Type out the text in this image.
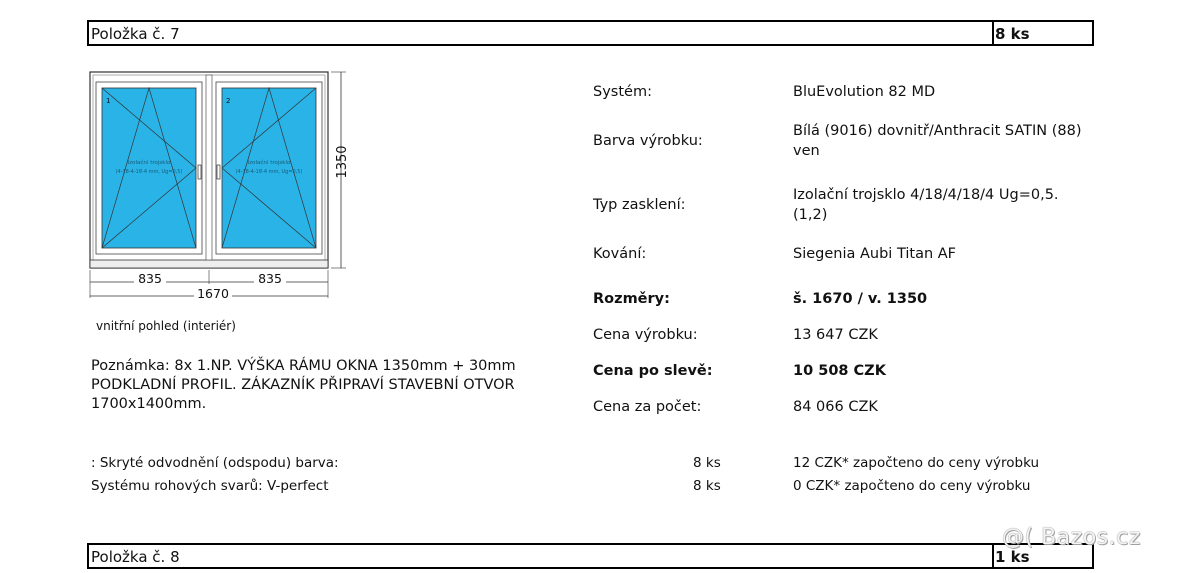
Položka č. 7	8 ks
1
Izolační trojsklo
(4-18-4-18-4 mm, Ug=0,5)
2
Izolační trojsklo
(4-18-4-18-4 mm, Ug=0,5)	1350
835	835
1670
vnitřní pohled (interiér)
Poznámka: 8x 1.NP. VÝŠKA RÁMU OKNA 1350mm + 30mm PODKLADNÍ PROFIL. ZÁKAZNÍK PŘIPRAVÍ STAVEBNÍ OTVOR 1700x1400mm.
Systém:	BluEvolution 82 MD
Barva výrobku:
Bílá (9016) dovnitř/Anthracit SATIN (88) ven
Typ zasklení:
Izolační trojsklo 4/18/4/18/4 Ug=0,5. (1,2)
Kování:	Siegenia Aubi Titan AF
Rozměry:	š. 1670 / v. 1350
Cena výrobku:	13 647 CZK
Cena po slevě:	10 508 CZK
Cena za počet:	84 066 CZK
: Skryté odvodnění (odspodu) barva:	8 ks	12 CZK* započteno do ceny výrobku
Systému rohových svarů: V-perfect	8 ks	0 CZK* započteno do ceny výrobku
Položka č. 8	1 ks
@( Bazos.cz
